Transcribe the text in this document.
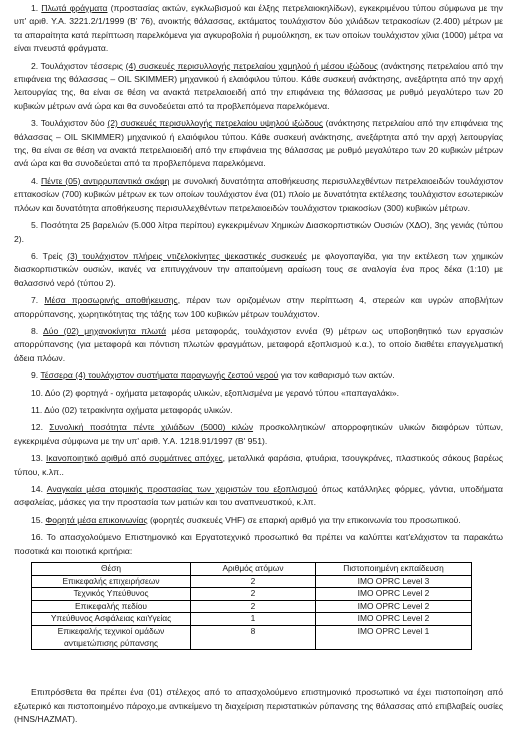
1. Πλωτά φράγματα (προστασίας ακτών, εγκλωβισμού και έλξης πετρελαιοκηλίδων), εγκεκριμένου τύπου σύμφωνα με την υπ' αριθ. Υ.Α. 3221.2/1/1999 (Β' 76), ανοικτής θάλασσας, εκτάματος τουλάχιστον δύο χιλιάδων τετρακοσίων (2.400) μέτρων με τα απαραίτητα κατά περίπτωση παρελκόμενα για αγκυροβολία ή ρυμούλκηση, εκ των οποίων τουλάχιστον χίλια (1000) μέτρα να είναι πνευστά φράγματα.

2. Τουλάχιστον τέσσερις (4) συσκευές περισυλλογής πετρελαίου χαμηλού ή μέσου ιξώδους (ανάκτησης πετρελαίου από την επιφάνεια της θάλασσας – OIL SKIMMER) μηχανικού ή ελαιόφιλου τύπου. Κάθε συσκευή ανάκτησης, ανεξάρτητα από την αρχή λειτουργίας της, θα είναι σε θέση να ανακτά πετρελαιοειδή από την επιφάνεια της θάλασσας με ρυθμό μεγαλύτερο των 20 κυβικών μέτρων ανά ώρα και θα συνοδεύεται από τα προβλεπόμενα παρελκόμενα.

3. Τουλάχιστον δύο (2) συσκευές περισυλλογής πετρελαίου υψηλού ιξώδους (ανάκτησης πετρελαίου από την επιφάνεια της θάλασσας – OIL SKIMMER) μηχανικού ή ελαιόφιλου τύπου. Κάθε συσκευή ανάκτησης, ανεξάρτητα από την αρχή λειτουργίας της, θα είναι σε θέση να ανακτά πετρελαιοειδή από την επιφάνεια της θάλασσας με ρυθμό μεγαλύτερο των 20 κυβικών μέτρων ανά ώρα και θα συνοδεύεται από τα προβλεπόμενα παρελκόμενα.

4. Πέντε (05) αντιρρυπαντικά σκάφη με συνολική δυνατότητα αποθήκευσης περισυλλεχθέντων πετρελαιοειδών τουλάχιστον επτακοσίων (700) κυβικών μέτρων εκ των οποίων τουλάχιστον ένα (01) πλοίο με δυνατότητα εκτέλεσης τουλάχιστον εσωτερικών πλόων και δυνατότητα αποθήκευσης περισυλλεχθέντων πετρελαιοειδών τουλάχιστον τριακοσίων (300) κυβικών μέτρων.

5. Ποσότητα 25 βαρελιών (5.000 λίτρα περίπου) εγκεκριμένων Χημικών Διασκορπιστικών Ουσιών (ΧΔΟ), 3ης γενιάς (τύπου 2).

6. Τρείς (3) τουλάχιστον πλήρεις ντιζελοκίνητες ψεκαστικές συσκευές με φλογοπαγίδα, για την εκτέλεση των χημικών διασκορπιστικών ουσιών, ικανές να επιτυγχάνουν την απαιτούμενη αραίωση τους σε αναλογία ένα προς δέκα (1:10) με θαλασσινό νερό (τύπου 2).

7. Μέσα προσωρινής αποθήκευσης, πέραν των οριζομένων στην περίπτωση 4, στερεών και υγρών αποβλήτων απορρύπανσης, χωρητικότητας της τάξης των 100 κυβικών μέτρων τουλάχιστον.

8. Δύο (02) μηχανοκίνητα πλωτά μέσα μεταφοράς, τουλάχιστον εννέα (9) μέτρων ως υποβοηθητικό των εργασιών απορρύπανσης (για μεταφορά και πόντιση πλωτών φραγμάτων, μεταφορά εξοπλισμού κ.α.), το οποίο διαθέτει επαγγελματική άδεια πλόων.

9. Τέσσερα (4) τουλάχιστον συστήματα παραγωγής ζεστού νερού για τον καθαρισμό των ακτών.

10. Δύο (2) φορτηγά - οχήματα μεταφοράς υλικών, εξοπλισμένα με γερανό τύπου «παπαγαλάκι».

11. Δύο (02) τετρακίνητα οχήματα μεταφοράς υλικών.

12. Συνολική ποσότητα πέντε χιλιάδων (5000) κιλών προσκολλητικών/ απορροφητικών υλικών διαφόρων τύπων, εγκεκριμένα σύμφωνα με την υπ' αριθ. Υ.Α. 1218.91/1997 (Β' 951).

13. Ικανοποιητικό αριθμό από συρμάτινες απόχες, μεταλλικά φαράσια, φτυάρια, τσουγκράνες, πλαστικούς σάκους βαρέως τύπου, κ.λπ..

14. Αναγκαία μέσα ατομικής προστασίας των χειριστών του εξοπλισμού όπως κατάλληλες φόρμες, γάντια, υποδήματα ασφαλείας, μάσκες για την προστασία των ματιών και του αναπνευστικού, κ.λπ.

15. Φορητά μέσα επικοινωνίας (φορητές συσκευές VHF) σε επαρκή αριθμό για την επικοινωνία του προσωπικού.

16. Το απασχολούμενο Επιστημονικό και Εργατοτεχνικό προσωπικό θα πρέπει να καλύπτει κατ'ελάχιστον τα παρακάτω ποσοτικά και ποιοτικά κριτήρια:

Θέση	Αριθμός ατόμων	Πιστοποιημένη εκπαίδευση
Επικεφαλής επιχειρήσεων	2	IMO OPRC Level 3
Τεχνικός Υπεύθυνος	2	IMO OPRC Level 2
Επικεφαλής πεδίου	2	IMO OPRC Level 2
Υπεύθυνος Ασφάλειας καιΥγείας	1	IMO OPRC Level 2
Επικεφαλής τεχνικοί ομάδων αντιμετώπισης ρύπανσης	8	IMO OPRC Level 1

Επιπρόσθετα θα πρέπει ένα (01) στέλεχος από το απασχολούμενο επιστημονικό προσωπικό να έχει πιστοποίηση από εξωτερικό και πιστοποιημένο πάροχο,με αντικείμενο τη διαχείριση περιστατικών ρύπανσης της θάλασσας από επιβλαβείς ουσίες (HNS/HAZMAT).
